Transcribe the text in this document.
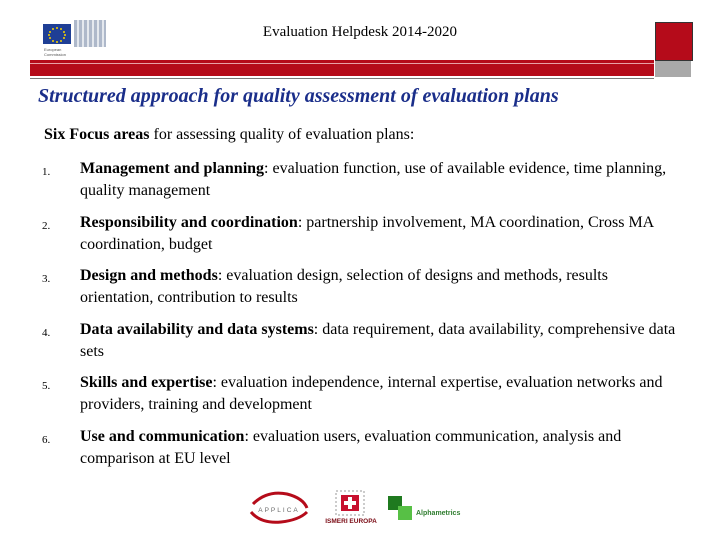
European
Commission
Evaluation Helpdesk 2014-2020
Structured approach for quality assessment of evaluation plans
Six Focus areas for assessing quality of evaluation plans:
1. Management and planning: evaluation function, use of available evidence, time planning, quality management
2. Responsibility and coordination: partnership involvement, MA coordination, Cross MA coordination, budget
3. Design and methods: evaluation design, selection of designs and methods, results orientation, contribution to results
4. Data availability and data systems: data requirement, data availability, comprehensive data sets
5. Skills and expertise: evaluation independence, internal expertise, evaluation networks and providers, training and development
6. Use and communication: evaluation users, evaluation communication, analysis and comparison at EU level
APPLICA
ISMERI EUROPA
Alphametrics
